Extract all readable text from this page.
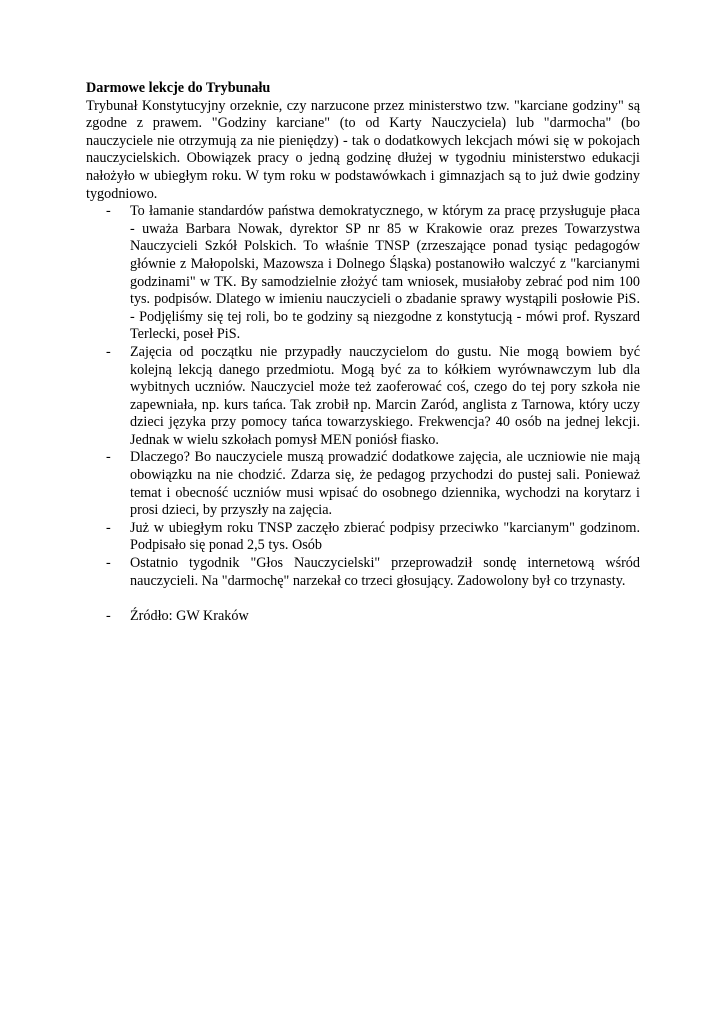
Darmowe lekcje do Trybunału

Trybunał Konstytucyjny orzeknie, czy narzucone przez ministerstwo tzw. "karciane godziny" są zgodne z prawem. "Godziny karciane" (to od Karty Nauczyciela) lub "darmocha" (bo nauczyciele nie otrzymują za nie pieniędzy) - tak o dodatkowych lekcjach mówi się w pokojach nauczycielskich. Obowiązek pracy o jedną godzinę dłużej w tygodniu ministerstwo edukacji nałożyło w ubiegłym roku. W tym roku w podstawówkach i gimnazjach są to już dwie godziny tygodniowo.

- To łamanie standardów państwa demokratycznego, w którym za pracę przysługuje płaca - uważa Barbara Nowak, dyrektor SP nr 85 w Krakowie oraz prezes Towarzystwa Nauczycieli Szkół Polskich. To właśnie TNSP (zrzeszające ponad tysiąc pedagogów głównie z Małopolski, Mazowsza i Dolnego Śląska) postanowiło walczyć z "karcianymi godzinami" w TK. By samodzielnie złożyć tam wniosek, musiałoby zebrać pod nim 100 tys. podpisów. Dlatego w imieniu nauczycieli o zbadanie sprawy wystąpili posłowie PiS. - Podjęliśmy się tej roli, bo te godziny są niezgodne z konstytucją - mówi prof. Ryszard Terlecki, poseł PiS.
- Zajęcia od początku nie przypadły nauczycielom do gustu. Nie mogą bowiem być kolejną lekcją danego przedmiotu. Mogą być za to kółkiem wyrównawczym lub dla wybitnych uczniów. Nauczyciel może też zaoferować coś, czego do tej pory szkoła nie zapewniała, np. kurs tańca. Tak zrobił np. Marcin Zaród, anglista z Tarnowa, który uczy dzieci języka przy pomocy tańca towarzyskiego. Frekwencja? 40 osób na jednej lekcji. Jednak w wielu szkołach pomysł MEN poniósł fiasko.
- Dlaczego? Bo nauczyciele muszą prowadzić dodatkowe zajęcia, ale uczniowie nie mają obowiązku na nie chodzić. Zdarza się, że pedagog przychodzi do pustej sali. Ponieważ temat i obecność uczniów musi wpisać do osobnego dziennika, wychodzi na korytarz i prosi dzieci, by przyszły na zajęcia.
- Już w ubiegłym roku TNSP zaczęło zbierać podpisy przeciwko "karcianym" godzinom. Podpisało się ponad 2,5 tys. Osób
- Ostatnio tygodnik "Głos Nauczycielski" przeprowadził sondę internetową wśród nauczycieli. Na "darmochę" narzekał co trzeci głosujący. Zadowolony był co trzynasty.
- Źródło: GW Kraków
